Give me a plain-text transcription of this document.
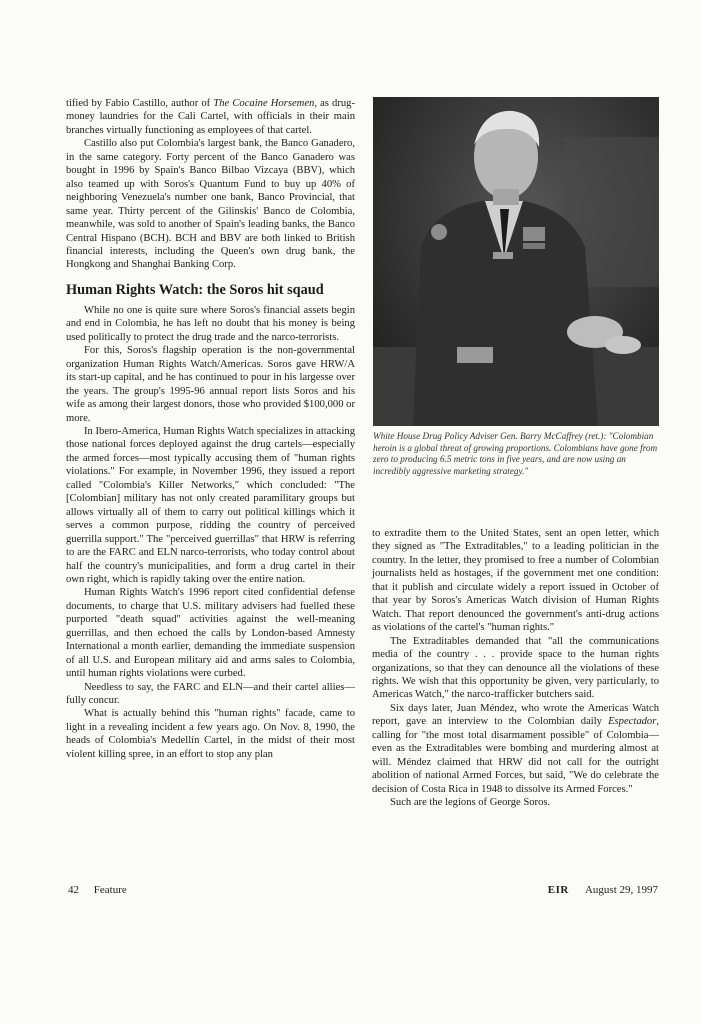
tified by Fabio Castillo, author of The Cocaine Horsemen, as drug-money laundries for the Cali Cartel, with officials in their main branches virtually functioning as employees of that cartel.

Castillo also put Colombia's largest bank, the Banco Ganadero, in the same category. Forty percent of the Banco Ganadero was bought in 1996 by Spain's Banco Bilbao Vizcaya (BBV), which also teamed up with Soros's Quantum Fund to buy up 40% of neighboring Venezuela's number one bank, Banco Provincial, that same year. Thirty percent of the Gilinskis' Banco de Colombia, meanwhile, was sold to another of Spain's leading banks, the Banco Central Hispano (BCH). BCH and BBV are both linked to British financial interests, including the Queen's own drug bank, the Hongkong and Shanghai Banking Corp.

Human Rights Watch: the Soros hit sqaud

While no one is quite sure where Soros's financial assets begin and end in Colombia, he has left no doubt that his money is being used politically to protect the drug trade and the narco-terrorists.

For this, Soros's flagship operation is the non-governmental organization Human Rights Watch/Americas. Soros gave HRW/A its start-up capital, and he has continued to pour in his largesse over the years. The group's 1995-96 annual report lists Soros and his wife as among their largest donors, those who provided $100,000 or more.

In Ibero-America, Human Rights Watch specializes in attacking those national forces deployed against the drug cartels—especially the armed forces—most typically accusing them of "human rights violations." For example, in November 1996, they issued a report called "Colombia's Killer Networks," which concluded: "The [Colombian] military has not only created paramilitary groups but allows virtually all of them to carry out political killings which it serves a common purpose, ridding the country of perceived guerrilla support." The "perceived guerrillas" that HRW is referring to are the FARC and ELN narco-terrorists, who today control about half the country's municipalities, and form a drug cartel in their own right, which is rapidly taking over the entire nation.

Human Rights Watch's 1996 report cited confidential defense documents, to charge that U.S. military advisers had fuelled these purported "death squad" activities against the well-meaning guerrillas, and then echoed the calls by London-based Amnesty International a month earlier, demanding the immediate suspension of all U.S. and European military aid and arms sales to Colombia, until human rights violations were curbed.

Needless to say, the FARC and ELN—and their cartel allies—fully concur.

What is actually behind this "human rights" facade, came to light in a revealing incident a few years ago. On Nov. 8, 1990, the heads of Colombia's Medellín Cartel, in the midst of their most violent killing spree, in an effort to stop any plan

White House Drug Policy Adviser Gen. Barry McCaffrey (ret.): "Colombian heroin is a global threat of growing proportions. Colombians have gone from zero to producing 6.5 metric tons in five years, and are now using an incredibly aggressive marketing strategy."

to extradite them to the United States, sent an open letter, which they signed as "The Extraditables," to a leading politician in the country. In the letter, they promised to free a number of Colombian journalists held as hostages, if the government met one condition: that it publish and circulate widely a report issued in October of that year by Soros's Americas Watch division of Human Rights Watch. That report denounced the government's anti-drug actions as violations of the cartel's "human rights."

The Extraditables demanded that "all the communications media of the country . . . provide space to the human rights organizations, so that they can denounce all the violations of these rights. We wish that this opportunity be given, very particularly, to Americas Watch," the narco-trafficker butchers said.

Six days later, Juan Méndez, who wrote the Americas Watch report, gave an interview to the Colombian daily Espectador, calling for "the most total disarmament possible" of Colombia—even as the Extraditables were bombing and murdering almost at will. Méndez claimed that HRW did not call for the outright abolition of national Armed Forces, but said, "We do celebrate the decision of Costa Rica in 1948 to dissolve its Armed Forces."

Such are the legions of George Soros.

42 Feature	EIR August 29, 1997
